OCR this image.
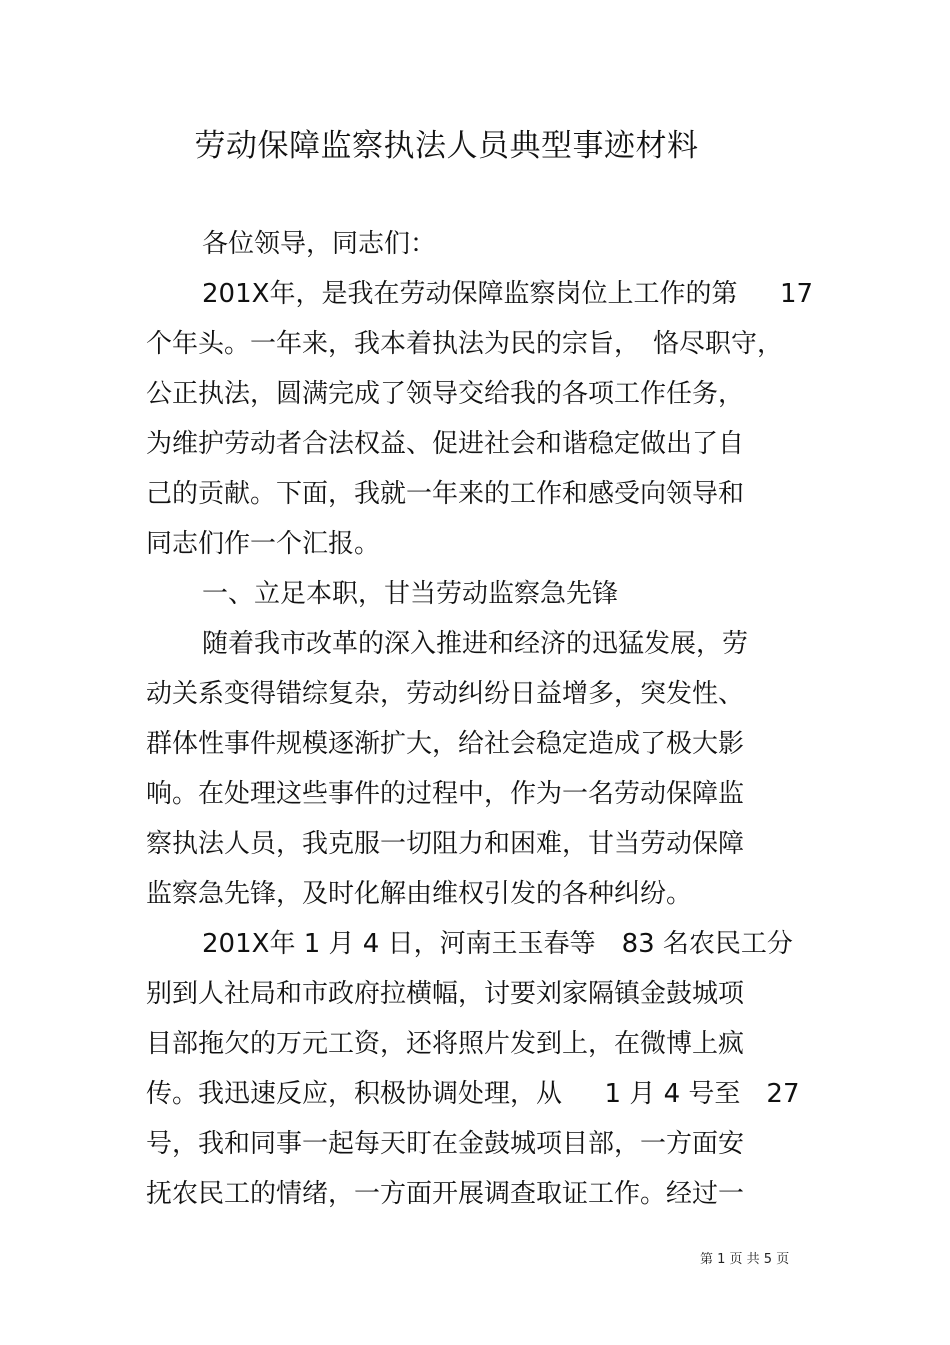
劳动保障监察执法人员典型事迹材料
各位领导，同志们：
201X年，是我在劳动保障监察岗位上工作的第　  17
个年头。一年来，我本着执法为民的宗旨，　恪尽职守，
公正执法，圆满完成了领导交给我的各项工作任务，
为维护劳动者合法权益、促进社会和谐稳定做出了自
己的贡献。下面，我就一年来的工作和感受向领导和
同志们作一个汇报。
一、立足本职，甘当劳动监察急先锋
随着我市改革的深入推进和经济的迅猛发展，劳
动关系变得错综复杂，劳动纠纷日益增多，突发性、
群体性事件规模逐渐扩大，给社会稳定造成了极大影
响。在处理这些事件的过程中，作为一名劳动保障监
察执法人员，我克服一切阻力和困难，甘当劳动保障
监察急先锋，及时化解由维权引发的各种纠纷。
201X年 1 月 4 日，河南王玉春等　83 名农民工分
别到人社局和市政府拉横幅，讨要刘家隔镇金鼓城项
目部拖欠的万元工资，还将照片发到上，在微博上疯
传。我迅速反应，积极协调处理，从　  1 月 4 号至　27
号，我和同事一起每天盯在金鼓城项目部，一方面安
抚农民工的情绪，一方面开展调查取证工作。经过一
第 1 页 共 5 页
